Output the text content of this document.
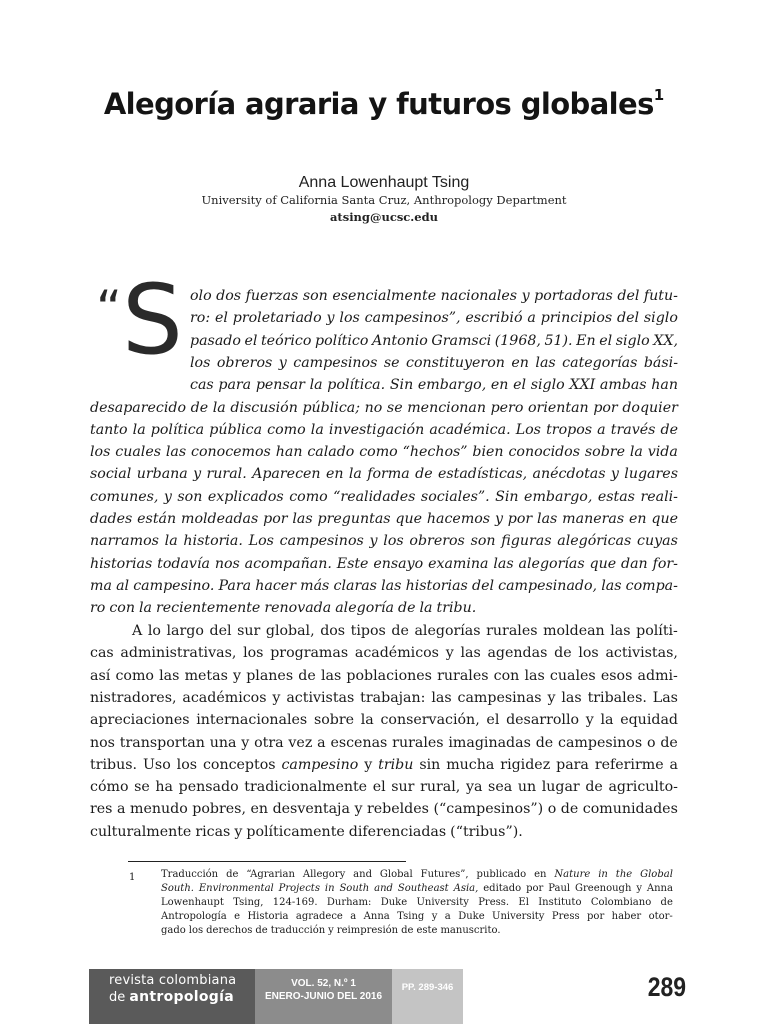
Alegoría agraria y futuros globales$^1$
Anna Lowenhaupt Tsing
University of California Santa Cruz, Anthropology Department
atsing@ucsc.edu
“ S olo dos fuerzas son esencialmente nacionales y portadoras del futu-
ro: el proletariado y los campesinos”, escribió a principios del siglo
pasado el teórico político Antonio Gramsci (1968, 51). En el siglo XX,
los obreros y campesinos se constituyeron en las categorías bási-
cas para pensar la política. Sin embargo, en el siglo XXI ambas han
desaparecido de la discusión pública; no se mencionan pero orientan por doquier
tanto la política pública como la investigación académica. Los tropos a través de
los cuales las conocemos han calado como “hechos” bien conocidos sobre la vida
social urbana y rural. Aparecen en la forma de estadísticas, anécdotas y lugares
comunes, y son explicados como “realidades sociales”. Sin embargo, estas reali-
dades están moldeadas por las preguntas que hacemos y por las maneras en que
narramos la historia. Los campesinos y los obreros son figuras alegóricas cuyas
historias todavía nos acompañan. Este ensayo examina las alegorías que dan for-
ma al campesino. Para hacer más claras las historias del campesinado, las compa-
ro con la recientemente renovada alegoría de la tribu.
A lo largo del sur global, dos tipos de alegorías rurales moldean las políti-
cas administrativas, los programas académicos y las agendas de los activistas,
así como las metas y planes de las poblaciones rurales con las cuales esos admi-
nistradores, académicos y activistas trabajan: las campesinas y las tribales. Las
apreciaciones internacionales sobre la conservación, el desarrollo y la equidad
nos transportan una y otra vez a escenas rurales imaginadas de campesinos o de
tribus. Uso los conceptos campesino y tribu sin mucha rigidez para referirme a
cómo se ha pensado tradicionalmente el sur rural, ya sea un lugar de agriculto-
res a menudo pobres, en desventaja y rebeldes (“campesinos”) o de comunidades
culturalmente ricas y políticamente diferenciadas (“tribus”).
1	Traducción de “Agrarian Allegory and Global Futures”, publicado en Nature in the Global
South. Environmental Projects in South and Southeast Asia, editado por Paul Greenough y Anna
Lowenhaupt Tsing, 124-169. Durham: Duke University Press. El Instituto Colombiano de
Antropología e Historia agradece a Anna Tsing y a Duke University Press por haber otor-
gado los derechos de traducción y reimpresión de este manuscrito.
revista colombiana
de antropología
VOL. 52, N.º 1
ENERO-JUNIO DEL 2016
PP. 289-346	289
